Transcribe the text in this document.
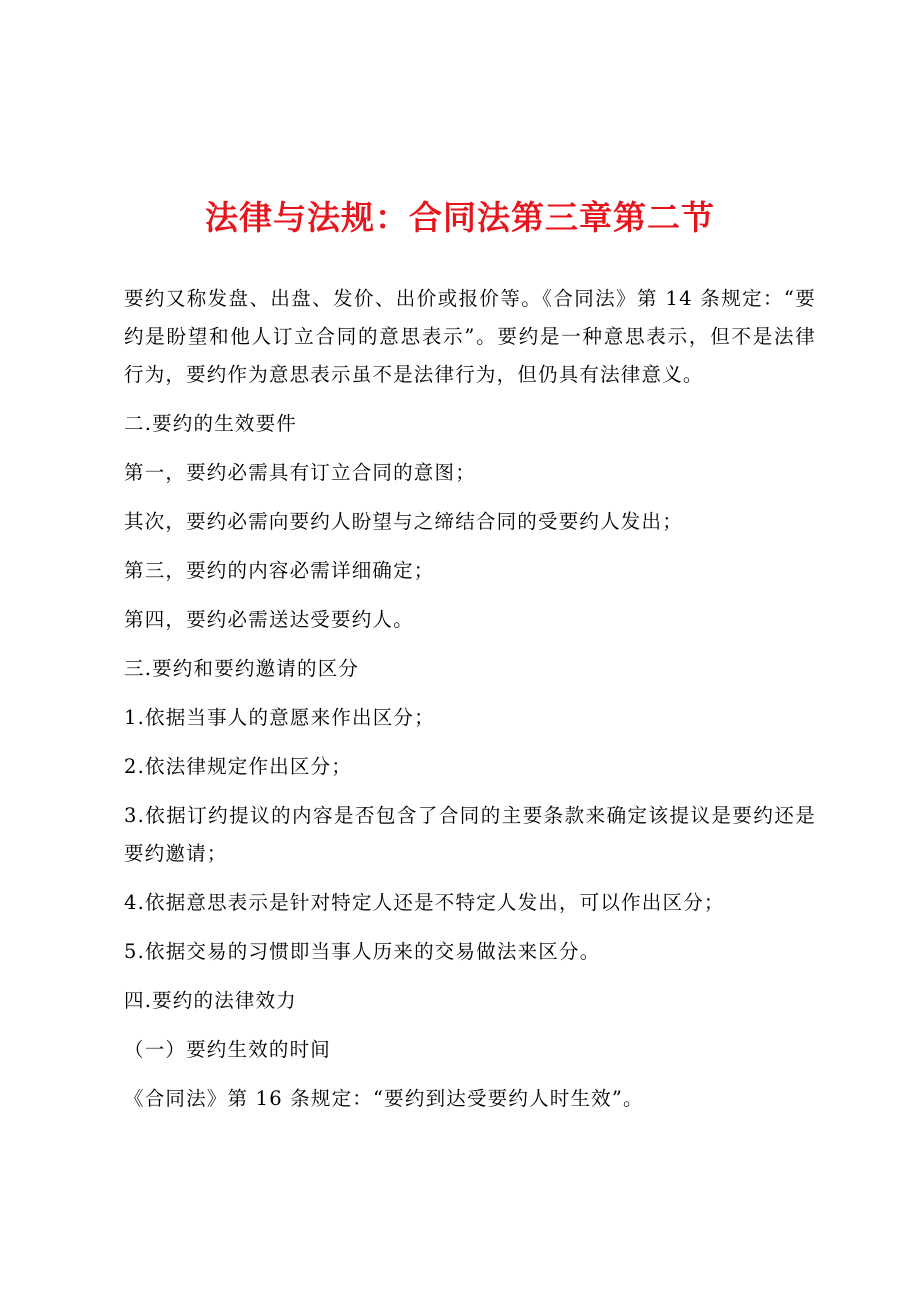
法律与法规：合同法第三章第二节

要约又称发盘、出盘、发价、出价或报价等。《合同法》第 14 条规定：“要约是盼望和他人订立合同的意思表示”。要约是一种意思表示，但不是法律行为，要约作为意思表示虽不是法律行为，但仍具有法律意义。

二.要约的生效要件

第一，要约必需具有订立合同的意图；

其次，要约必需向要约人盼望与之缔结合同的受要约人发出；

第三，要约的内容必需详细确定；

第四，要约必需送达受要约人。

三.要约和要约邀请的区分

1.依据当事人的意愿来作出区分；

2.依法律规定作出区分；

3.依据订约提议的内容是否包含了合同的主要条款来确定该提议是要约还是要约邀请；

4.依据意思表示是针对特定人还是不特定人发出，可以作出区分；

5.依据交易的习惯即当事人历来的交易做法来区分。

四.要约的法律效力

（一）要约生效的时间

《合同法》第 16 条规定：“要约到达受要约人时生效”。
